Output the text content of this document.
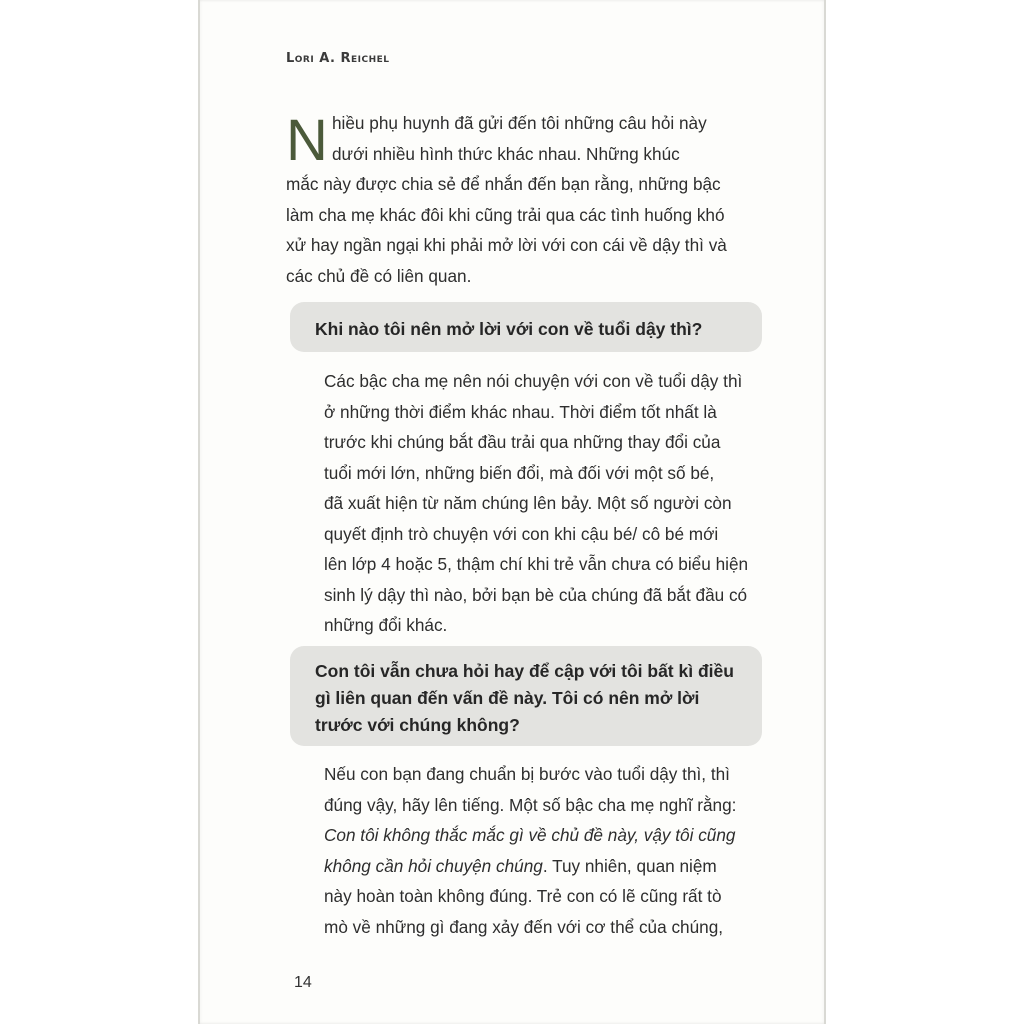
Lori A. Reichel
N hiều phụ huynh đã gửi đến tôi những câu hỏi này
dưới nhiều hình thức khác nhau. Những khúc
mắc này được chia sẻ để nhắn đến bạn rằng, những bậc
làm cha mẹ khác đôi khi cũng trải qua các tình huống khó
xử hay ngần ngại khi phải mở lời với con cái về dậy thì và
các chủ đề có liên quan.
Khi nào tôi nên mở lời với con về tuổi dậy thì?
Các bậc cha mẹ nên nói chuyện với con về tuổi dậy thì
ở những thời điểm khác nhau. Thời điểm tốt nhất là
trước khi chúng bắt đầu trải qua những thay đổi của
tuổi mới lớn, những biến đổi, mà đối với một số bé,
đã xuất hiện từ năm chúng lên bảy. Một số người còn
quyết định trò chuyện với con khi cậu bé/ cô bé mới
lên lớp 4 hoặc 5, thậm chí khi trẻ vẫn chưa có biểu hiện
sinh lý dậy thì nào, bởi bạn bè của chúng đã bắt đầu có
những đổi khác.
Con tôi vẫn chưa hỏi hay để cập với tôi bất kì điều
gì liên quan đến vấn đề này. Tôi có nên mở lời
trước với chúng không?
Nếu con bạn đang chuẩn bị bước vào tuổi dậy thì, thì
đúng vậy, hãy lên tiếng. Một số bậc cha mẹ nghĩ rằng:
Con tôi không thắc mắc gì về chủ đề này, vậy tôi cũng
không cần hỏi chuyện chúng. Tuy nhiên, quan niệm
này hoàn toàn không đúng. Trẻ con có lẽ cũng rất tò
mò về những gì đang xảy đến với cơ thể của chúng,
14
